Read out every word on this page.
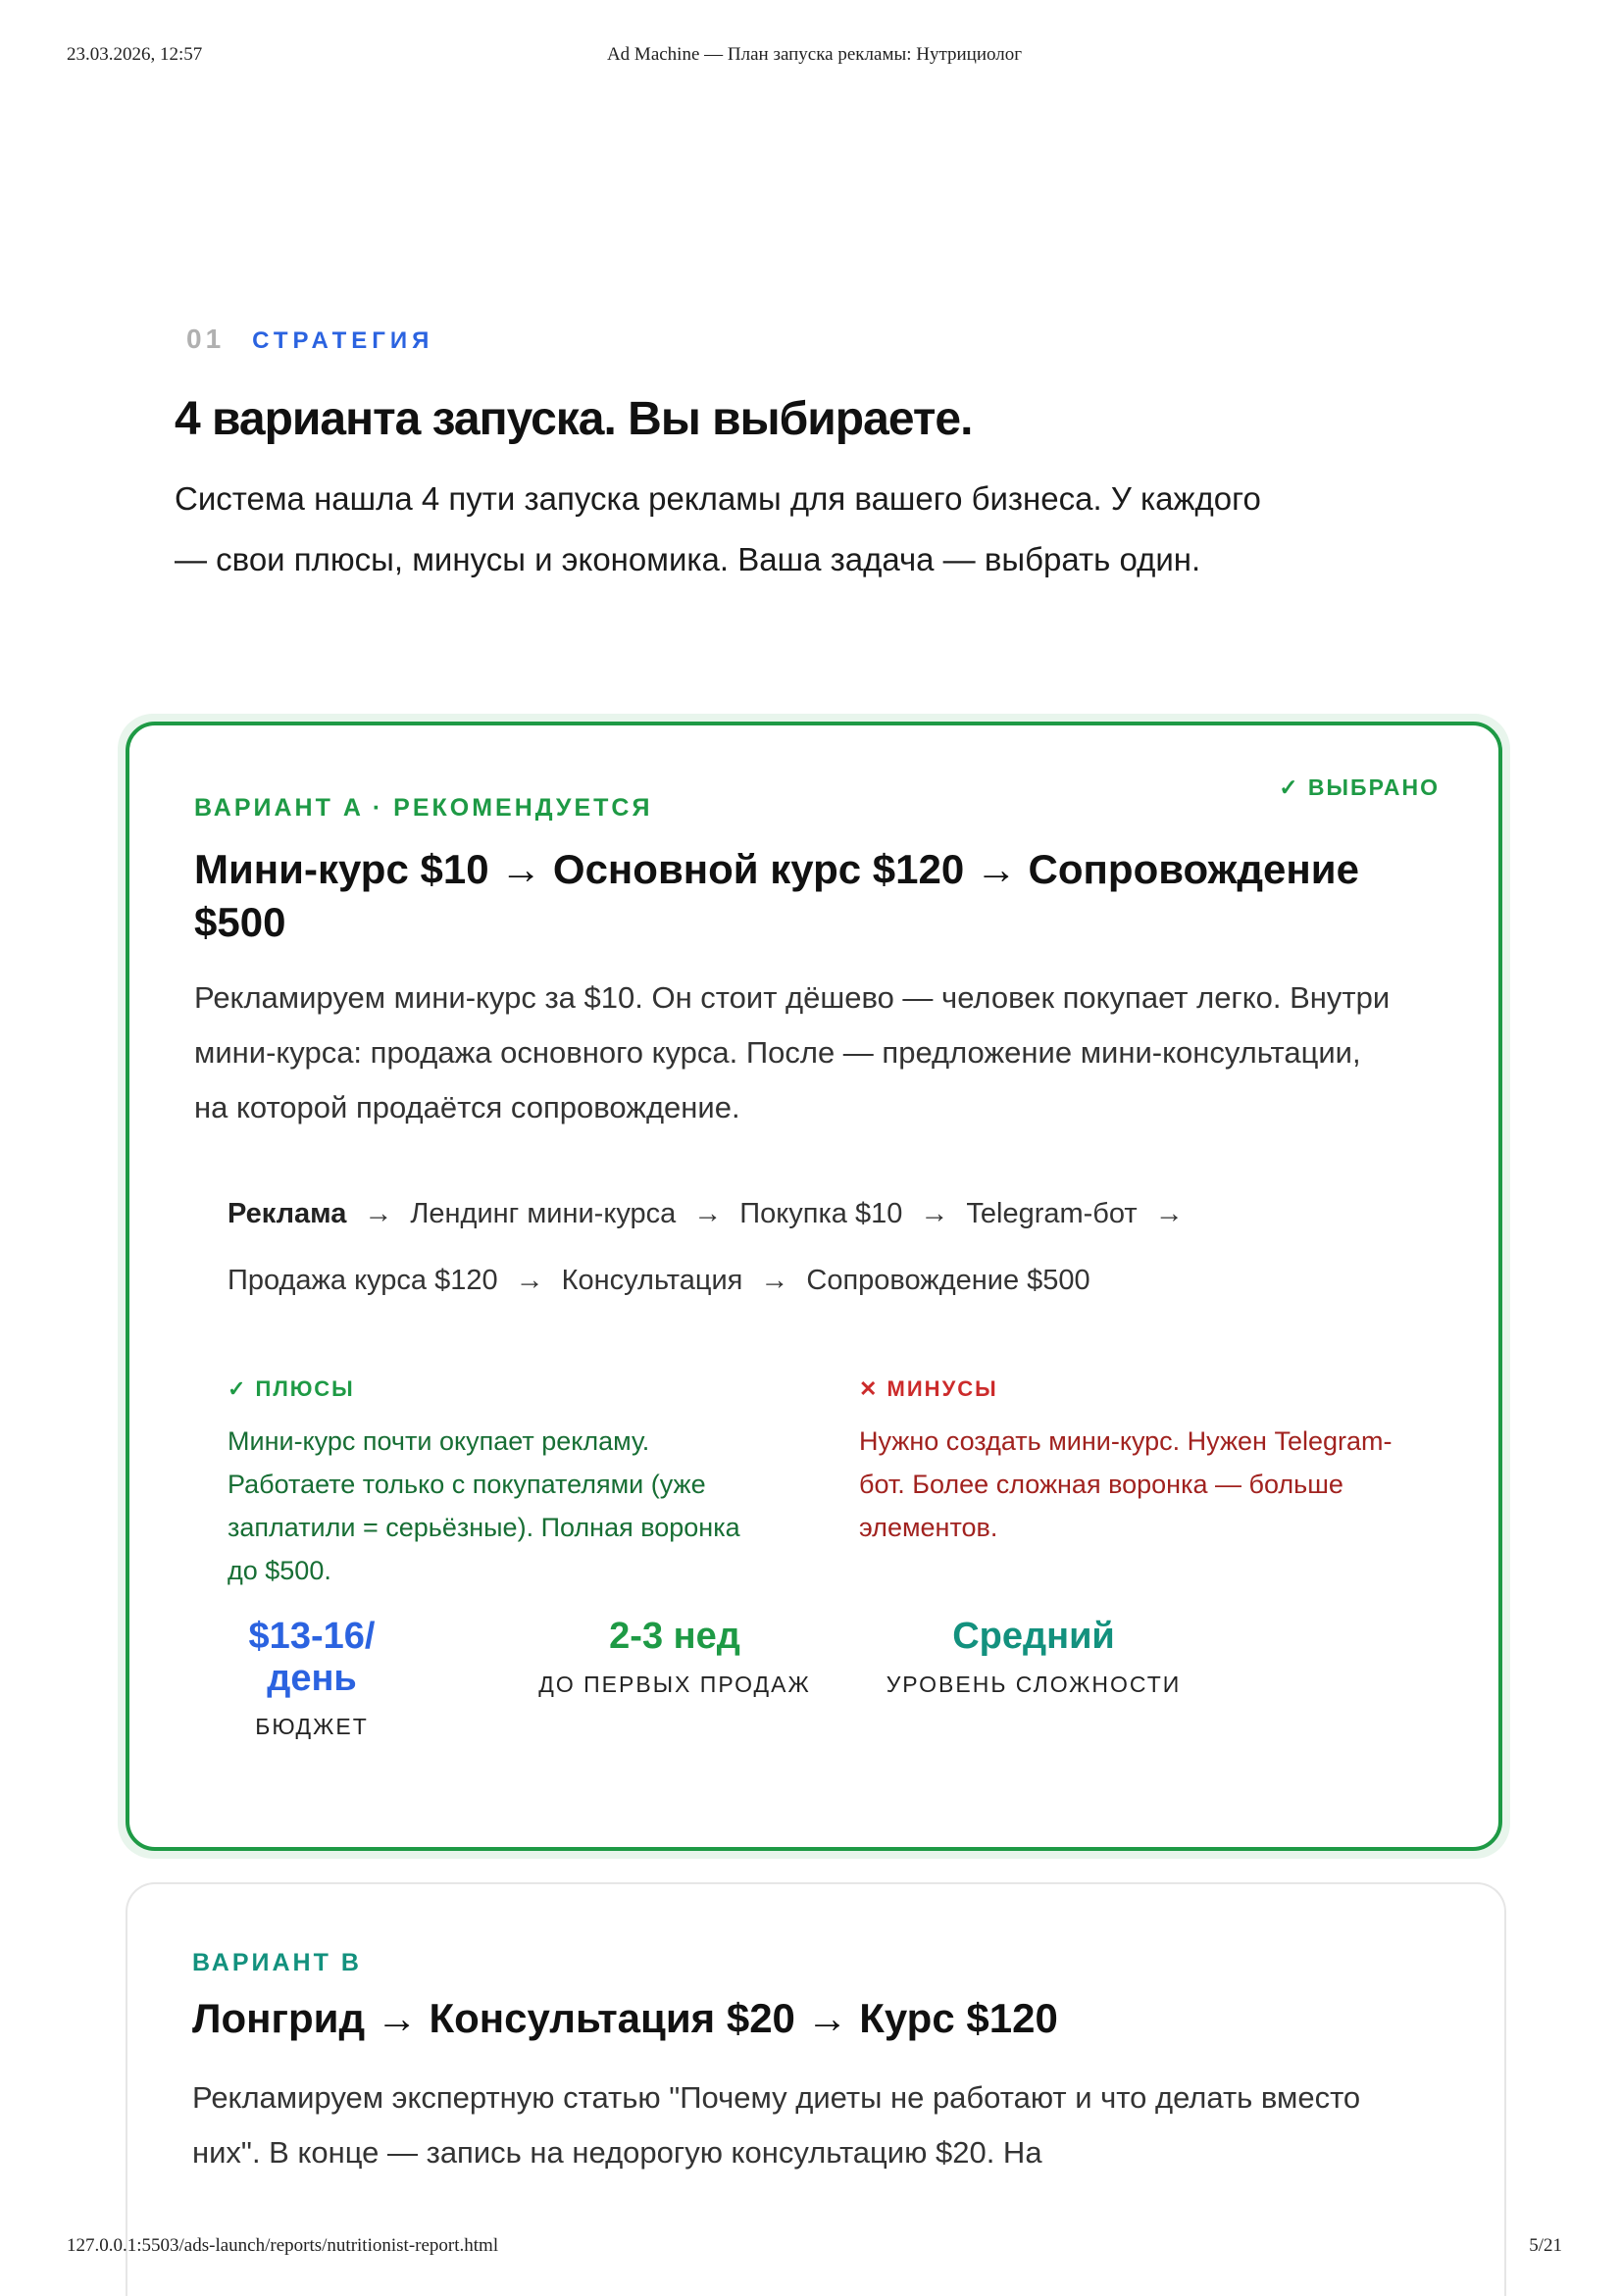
23.03.2026, 12:57	Ad Machine — План запуска рекламы: Нутрициолог
01 СТРАТЕГИЯ
4 варианта запуска. Вы выбираете.

Система нашла 4 пути запуска рекламы для вашего бизнеса. У каждого — свои плюсы, минусы и экономика. Ваша задача — выбрать один.

ВАРИАНТ A · РЕКОМЕНДУЕТСЯ
✓ ВЫБРАНО
Мини-курс $10 → Основной курс $120 → Сопровождение $500

Рекламируем мини-курс за $10. Он стоит дёшево — человек покупает легко. Внутри мини-курса: продажа основного курса. После — предложение мини-консультации, на которой продаётся сопровождение.

Реклама → Лендинг мини-курса → Покупка $10 → Telegram-бот →
Продажа курса $120 → Консультация → Сопровождение $500
✓ ПЛЮСЫ
Мини-курс почти окупает рекламу. Работаете только с покупателями (уже заплатили = серьёзные). Полная воронка до $500.
✕ МИНУСЫ
Нужно создать мини-курс. Нужен Telegram-бот. Более сложная воронка — больше элементов.
$13-16/день
БЮДЖЕТ
2-3 нед
ДО ПЕРВЫХ ПРОДАЖ
Средний
УРОВЕНЬ СЛОЖНОСТИ
ВАРИАНТ B
Лонгрид → Консультация $20 → Курс $120

Рекламируем экспертную статью "Почему диеты не работают и что делать вместо них". В конце — запись на недорогую консультацию $20. На

127.0.0.1:5503/ads-launch/reports/nutritionist-report.html	5/21
